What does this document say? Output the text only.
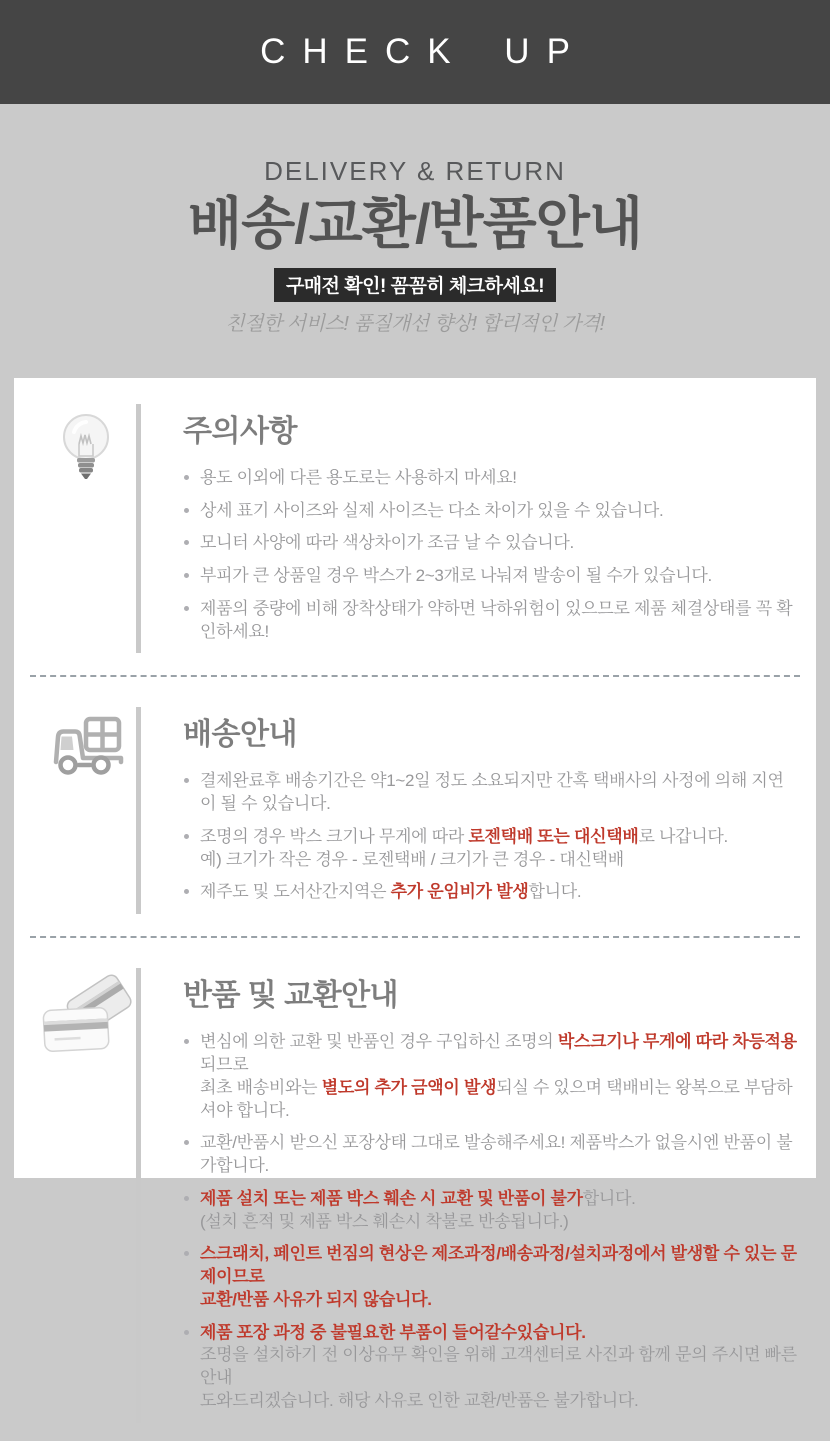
CHECK UP
DELIVERY & RETURN
배송/교환/반품안내
구매전 확인! 꼼꼼히 체크하세요!
친절한 서비스! 품질개선 향상! 합리적인 가격!
주의사항
용도 이외에 다른 용도로는 사용하지 마세요!
상세 표기 사이즈와 실제 사이즈는 다소 차이가 있을 수 있습니다.
모니터 사양에 따라 색상차이가 조금 날 수 있습니다.
부피가 큰 상품일 경우 박스가 2~3개로 나눠져 발송이 될 수가 있습니다.
제품의 중량에 비해 장착상태가 약하면 낙하위험이 있으므로 제품 체결상태를 꼭 확인하세요!
배송안내
결제완료후 배송기간은 약1~2일 정도 소요되지만 간혹 택배사의 사정에 의해 지연이 될 수 있습니다.
조명의 경우 박스 크기나 무게에 따라 로젠택배 또는 대신택배로 나갑니다.
예) 크기가 작은 경우 - 로젠택배 / 크기가 큰 경우 - 대신택배
제주도 및 도서산간지역은 추가 운임비가 발생합니다.
반품 및 교환안내
변심에 의한 교환 및 반품인 경우 구입하신 조명의 박스크기나 무게에 따라 차등적용되므로
최초 배송비와는 별도의 추가 금액이 발생되실 수 있으며 택배비는 왕복으로 부담하셔야 합니다.
교환/반품시 받으신 포장상태 그대로 발송해주세요! 제품박스가 없을시엔 반품이 불가합니다.
제품 설치 또는 제품 박스 훼손 시 교환 및 반품이 불가합니다.
(설치 흔적 및 제품 박스 훼손시 착불로 반송됩니다.)
스크래치, 페인트 번짐의 현상은 제조과정/배송과정/설치과정에서 발생할 수 있는 문제이므로
교환/반품 사유가 되지 않습니다.
제품 포장 과정 중 불필요한 부품이 들어갈수있습니다.
조명을 설치하기 전 이상유무 확인을 위해 고객센터로 사진과 함께 문의 주시면 빠른안내
도와드리겠습니다. 해당 사유로 인한 교환/반품은 불가합니다.
